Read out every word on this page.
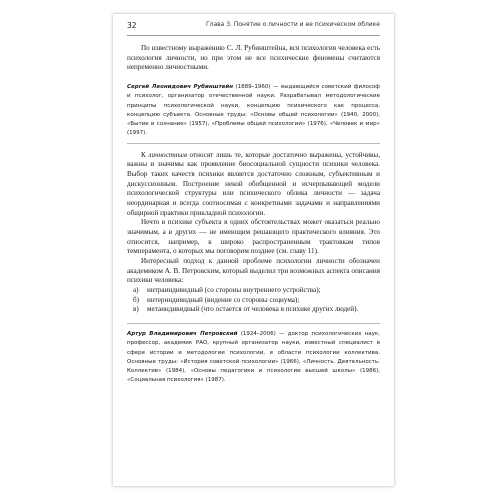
32	Глава 3. Понятие о личности и ее психическом облике

По известному выражению С. Л. Рубинштейна, вся психология человека есть психология личности, но при этом не все психические феномены считаются непременно личностными.

Сергей Леонидович Рубинштейн (1889–1960) — выдающийся советский философ и психолог, организатор отечественной науки. Разрабатывал методологические принципы психологической науки, концепцию психического как процесса, концепцию субъекта. Основные труды: «Основы общей психологии» (1940, 2000), «Бытие и сознание» (1957), «Проблемы общей психологии» (1976), «Человек и мир» (1997).

К личностным относят лишь те, которые достаточно выражены, устойчивы, важны и значимы как проявление биосоциальной сущности психики человека. Выбор таких качеств психики является достаточно сложным, субъективным и дискуссионным. Построение некой обобщенной и исчерпывающей модели психологической структуры или психического облика личности — задача неординарная и всегда соотносимая с конкретными задачами и направлениями общирной практики прикладной психологии.

Нечто в психике субъекта в одних обстоятельствах может оказаться реально значимым, а в других — не имеющим решающего практического влияния. Это относится, например, к широко распространенным трактовкам типов темперамента, о которых мы поговорим позднее (см. главу 11).

Интересный подход к данной проблеме психологии личности обозначен академиком А. В. Петровским, который выделил три возможных аспекта описания психики человека:

а)	интраиндивидный (со стороны внутреннего устройства);
б)	интериндивидный (видение со стороны социума);
в)	метаиндивидный (что остается от человека в психике других людей).
Артур Владимирович Петровский (1924–2006) — доктор психологических наук, профессор, академик РАО, крупный организатор науки, известный специалист в сфере истории и методологии психологии, в области психологии коллектива. Основные труды: «История советской психологии» (1966), «Личность. Деятельность. Коллектив» (1984), «Основы педагогики и психологии высшей школы» (1986), «Социальная психология» (1987).
